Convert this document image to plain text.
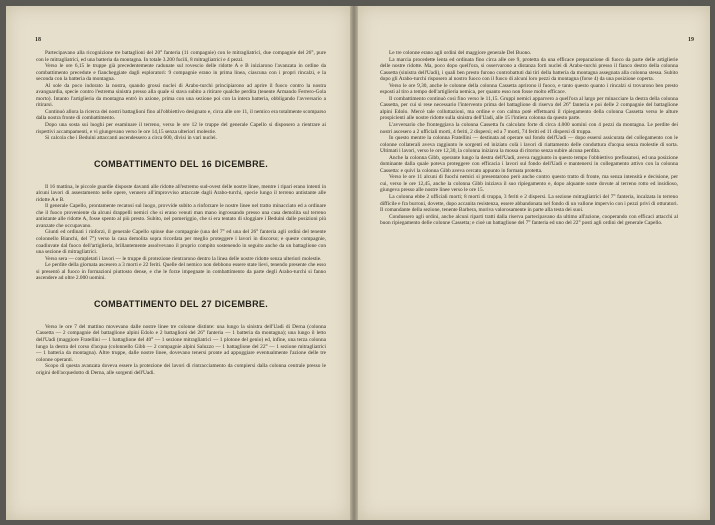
18

Partecipavano alla ricognizione tre battaglioni del 20° fanteria (11 compagnie) con le mitragliatrici, due compagnie del 26°, pure con le mitragliatrici, ed una batteria da montagna. In totale 3.200 fucili, 8 mitragliatrici e 4 pezzi.

Verso le ore 6,15 le truppe già precedentemente radunate sul rovescio delle ridotte A e B iniziarono l'avanzata in ordine da combattimento precedute e fiancheggiate dagli esploratori: 9 compagnie erano in prima linea, ciascuna con i propri rincalzi, e la seconda con la batteria da montagna.

Al sole da poco indorato la nostra, quando grossi nuclei di Arabo-turchi principiarono ad aprire il fuoco contro la nostra avanguardia, specie contro l'estrema sinistra presso alla quale si stava subito a ritirare qualche perdita (tenente Armando Ferrero-Gola morto). Intanto l'artiglieria da montagna entrò in azione, prima con una sezione poi con la intera batteria, obbligando l'avversario a ritirarsi.

Continuò allora la ricerca dei nostri battaglioni fino all'obbiettivo designato e, circa alle ore 11, il nemico era totalmente scomparso dalla nostra fronte di combattimento.

Dopo una sosta sui luoghi per esaminare il terreno, verso le ore 12 le truppe del generale Capello si disposero a rientrare ai rispettivi accampamenti, e vi giungevano verso le ore 14,15 senza ulteriori molestie.

Si calcola che i Beduini attaccanti ascendessero a circa 600, divisi in vari nuclei.

COMBATTIMENTO DEL 16 DICEMBRE.

Il 16 mattina, le piccole guardie disposte davanti alle ridotte all'estremo sud-ovest delle nostre linee, mentre i ripari erano intenti in alcuni lavori di assestamento nelle opere, vennero all'improvviso attaccate dagli Arabo-turchi, specie lungo il terreno antistante alle ridotte A e B.

Il generale Capello, prontamente recatosi sul luogo, provvide subito a rinforzare le nostre linee nel tratto minacciato ed a ordinare che il fuoco proveniente da alcuni drappelli nemici che si erano venuti man mano ingrossando presso una casa demolita sul terreno antistante alle ridotte A, fosse spento al più presto. Subito, nel pomeriggio, che si era tentato di sloggiare i Beduini dalle posizioni più avanzate che occupavano.

Giunti ed ordinati i rinforzi, il generale Capello spinse due compagnie (una del 7° ed una del 26° fanteria agli ordini del tenente colonnello Bianchi, del 7°) verso la casa demolita sopra ricordata per meglio proteggere i lavori in discorso; e queste compagnie, coadiuvate dal fuoco dell'artiglieria, brillantemente assolvevano il proprio compito sostenendo in seguito anche da un battaglione con una sezione di mitragliatrici.

Verso sera — completati i lavori — le truppe di protezione rientrarono dentro la linea delle nostre ridotte senza ulteriori molestie.

Le perdite della giornata ascesero a 3 morti e 22 feriti. Quelle del nemico non debbono essere state lievi, tenendo presente che esso si presentò al fuoco in formazioni piuttosto dense, e che le forze impegnate in combattimento da parte degli Arabo-turchi si fanno ascendere ad oltre 2.000 uomini.

COMBATTIMENTO DEL 27 DICEMBRE.

Verso le ore 7 del mattino movevano dalle nostre linee tre colonne distinte: una lungo la sinistra dell'Uadi di Derna (colonna Cassetta — 2 compagnie del battaglione alpini Edolo e 2 battaglioni del 26° fanteria — 1 batteria da montagna); una lungo il letto dell'Uadi (maggiore Fratellini — 1 battaglione del 40° — 1 sezione mitragliatrici — 1 plotone del genio) ed, infine, una terza colonna lungo la destra del corso d'acqua (colonnello Gibb — 2 compagnie alpini Saluzzo — 1 battaglione del 22° — 1 sezione mitragliatrici — 1 batteria da montagna). Altre truppe, dalle nostre linee, dovevano tenersi pronte ad appoggiare eventualmente l'azione delle tre colonne operanti.

Scopo di questa avanzata doveva essere la protezione dei lavori di rintracciamento da compiersi dalla colonna centrale presso le origini dell'acquedotto di Derna, alle sorgenti dell'Uadi.

19

Le tre colonne erano agli ordini del maggiore generale Del Buono.

La marcia procedette lenta ed ordinata fino circa alle ore 9, protetta da una efficace preparazione di fuoco da parte delle artiglierie delle nostre ridotte. Ma, poco dopo quell'ora, si osservarono a distanza forti nuclei di Arabo-turchi presso il fianco destro della colonna Cassetta (sinistra dell'Uadi), i quali ben presto furono controbattuti dai tiri della batteria da montagna assegnata alla colonna stessa. Subito dopo gli Arabo-turchi risposero al nostro fuoco con il fuoco di alcuni loro pezzi da montagna (forse 4) da una posizione coperta.

Verso le ore 9,30, anche le colonne della colonna Cassetta aprirono il fuoco, e tanto questo quanto i rincalzi si trovarono ben presto esposti al tiro a tempo dell'artiglieria nemica, per quanto esso non fosse molto efficace.

Il combattimento continuò così fino verso le 11,15. Gruppi nemici apparvero a quell'ora al largo per minacciare la destra della colonna Cassetta, per cui si rese necessario l'intervento prima del battaglione di riserva del 26° fanteria e poi delle 2 compagnie del battaglione alpini Edolo. Mercè tale colluttazioni, ma ordine e con calma potè effettuarsi il ripiegamento della colonna Cassetta verso le alture prospicienti alle nostre ridotte sulla sinistra dell'Uadi, alle 15 l'intiera colonna da questo parte.

L'avversario che fronteggiava la colonna Cassetta fu calcolato forte di circa 4.000 uomini con 4 pezzi da montagna. Le perdite dei nostri ascesero a 2 ufficiali morti, 4 feriti, 2 dispersi; ed a 7 morti, 74 feriti ed 11 dispersi di truppa.

In questo mentre la colonna Fratellini — destinata ad operare sul fondo dell'Uadi — dopo essersi assicurata del collegamento con le colonne collaterali aveva raggiunto le sorgenti ed iniziato colà i lavori di riattamento delle conduttura d'acqua senza molestie di sorta. Ultimati i lavori, verso le ore 12,30, la colonna iniziava la mossa di ritorno senza subire alcuna perdita.

Anche la colonna Gibb, operante lungo la destra dell'Uadi, aveva raggiunto in questo tempo l'obbiettivo prefissatosi, ed una posizione dominante dalla quale poteva proteggere con efficacia i lavori sul fondo dell'Uadi e mantenersi in collegamento attivo con la colonna Cassetta: e quivi la colonna Gibb aveva cercato appunto in formata protetta.

Verso le ore 11 alcuni di fuochi nemici si presentarono però anche contro questo tratto di fronte, ma senza intensità e decisione, per cui, verso le ore 12,45, anche la colonna Gibb iniziava il suo ripiegamento e, dopo alquante soste dovute al terreno rotto ed insidioso, giungeva presso alle nostre linee verso le ore 15.

La colonna ebbe 2 ufficiali morti; 8 morti di truppa, 3 feriti e 2 dispersi. La sezione mitragliatrici del 7° fanteria, incalzata in terreno difficile e fra burroni, dovette, dopo accanita resistenza, essere abbandonata nel fondo di un vallone impervio con i pezzi privi di otturatori. Il comandante della sezione, tenente Barbera, moriva valorosamente in parte alla testa dei suoi.

Condussero agli ordini, anche alcuni riparti tratti dalla riserva partecipavano da ultimo all'azione, cooperando con efficaci attacchi al buon ripiegamento delle colonne Cassetta; e cioè un battaglione del 7° fanteria ed uno del 22° posti agli ordini del generale Capello.
